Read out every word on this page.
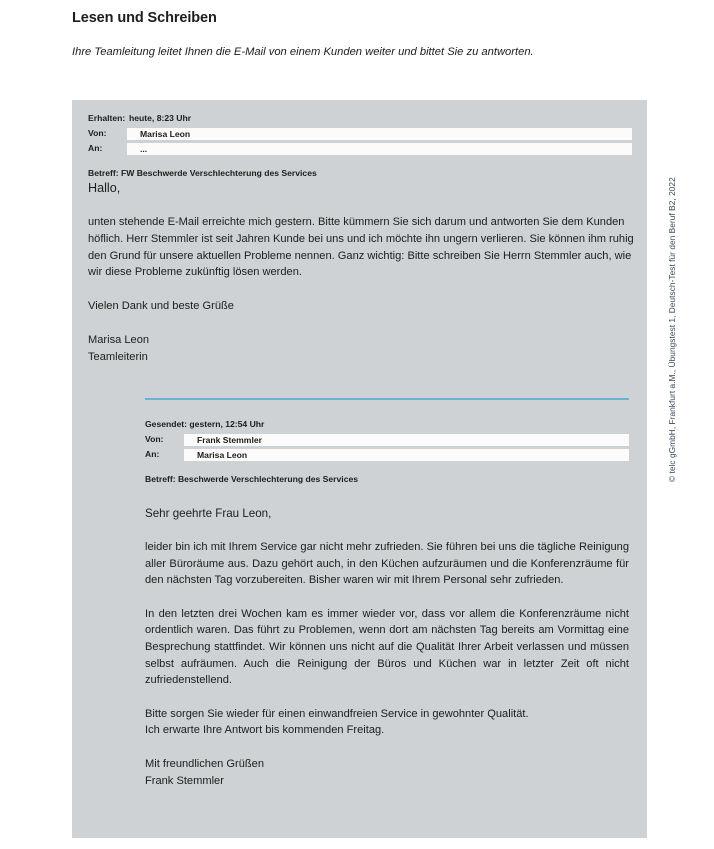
Lesen und Schreiben

Ihre Teamleitung leitet Ihnen die E-Mail von einem Kunden weiter und bittet Sie zu antworten.

Erhalten: heute, 8:23 Uhr
Von:	Marisa Leon
An:	...
Betreff: FW Beschwerde Verschlechterung des Services

Hallo,

unten stehende E-Mail erreichte mich gestern. Bitte kümmern Sie sich darum und antworten Sie dem Kunden höflich. Herr Stemmler ist seit Jahren Kunde bei uns und ich möchte ihn ungern verlieren. Sie können ihm ruhig den Grund für unsere aktuellen Probleme nennen. Ganz wichtig: Bitte schreiben Sie Herrn Stemmler auch, wie wir diese Probleme zukünftig lösen werden.

Vielen Dank und beste Grüße

Marisa Leon

Teamleiterin

Gesendet: gestern, 12:54 Uhr
Von:	Frank Stemmler
An:	Marisa Leon
Betreff: Beschwerde Verschlechterung des Services

Sehr geehrte Frau Leon,

leider bin ich mit Ihrem Service gar nicht mehr zufrieden. Sie führen bei uns die tägliche Reinigung aller Büroräume aus. Dazu gehört auch, in den Küchen aufzuräumen und die Konferenzräume für den nächsten Tag vorzubereiten. Bisher waren wir mit Ihrem Personal sehr zufrieden.

In den letzten drei Wochen kam es immer wieder vor, dass vor allem die Konferenzräume nicht ordentlich waren. Das führt zu Problemen, wenn dort am nächsten Tag bereits am Vormittag eine Besprechung stattfindet. Wir können uns nicht auf die Qualität Ihrer Arbeit verlassen und müssen selbst aufräumen. Auch die Reinigung der Büros und Küchen war in letzter Zeit oft nicht zufriedenstellend.

Bitte sorgen Sie wieder für einen einwandfreien Service in gewohnter Qualität.

Ich erwarte Ihre Antwort bis kommenden Freitag.

Mit freundlichen Grüßen

Frank Stemmler

© telc gGmbH, Frankfurt a.M., Übungstest 1, Deutsch-Test für den Beruf B2, 2022
